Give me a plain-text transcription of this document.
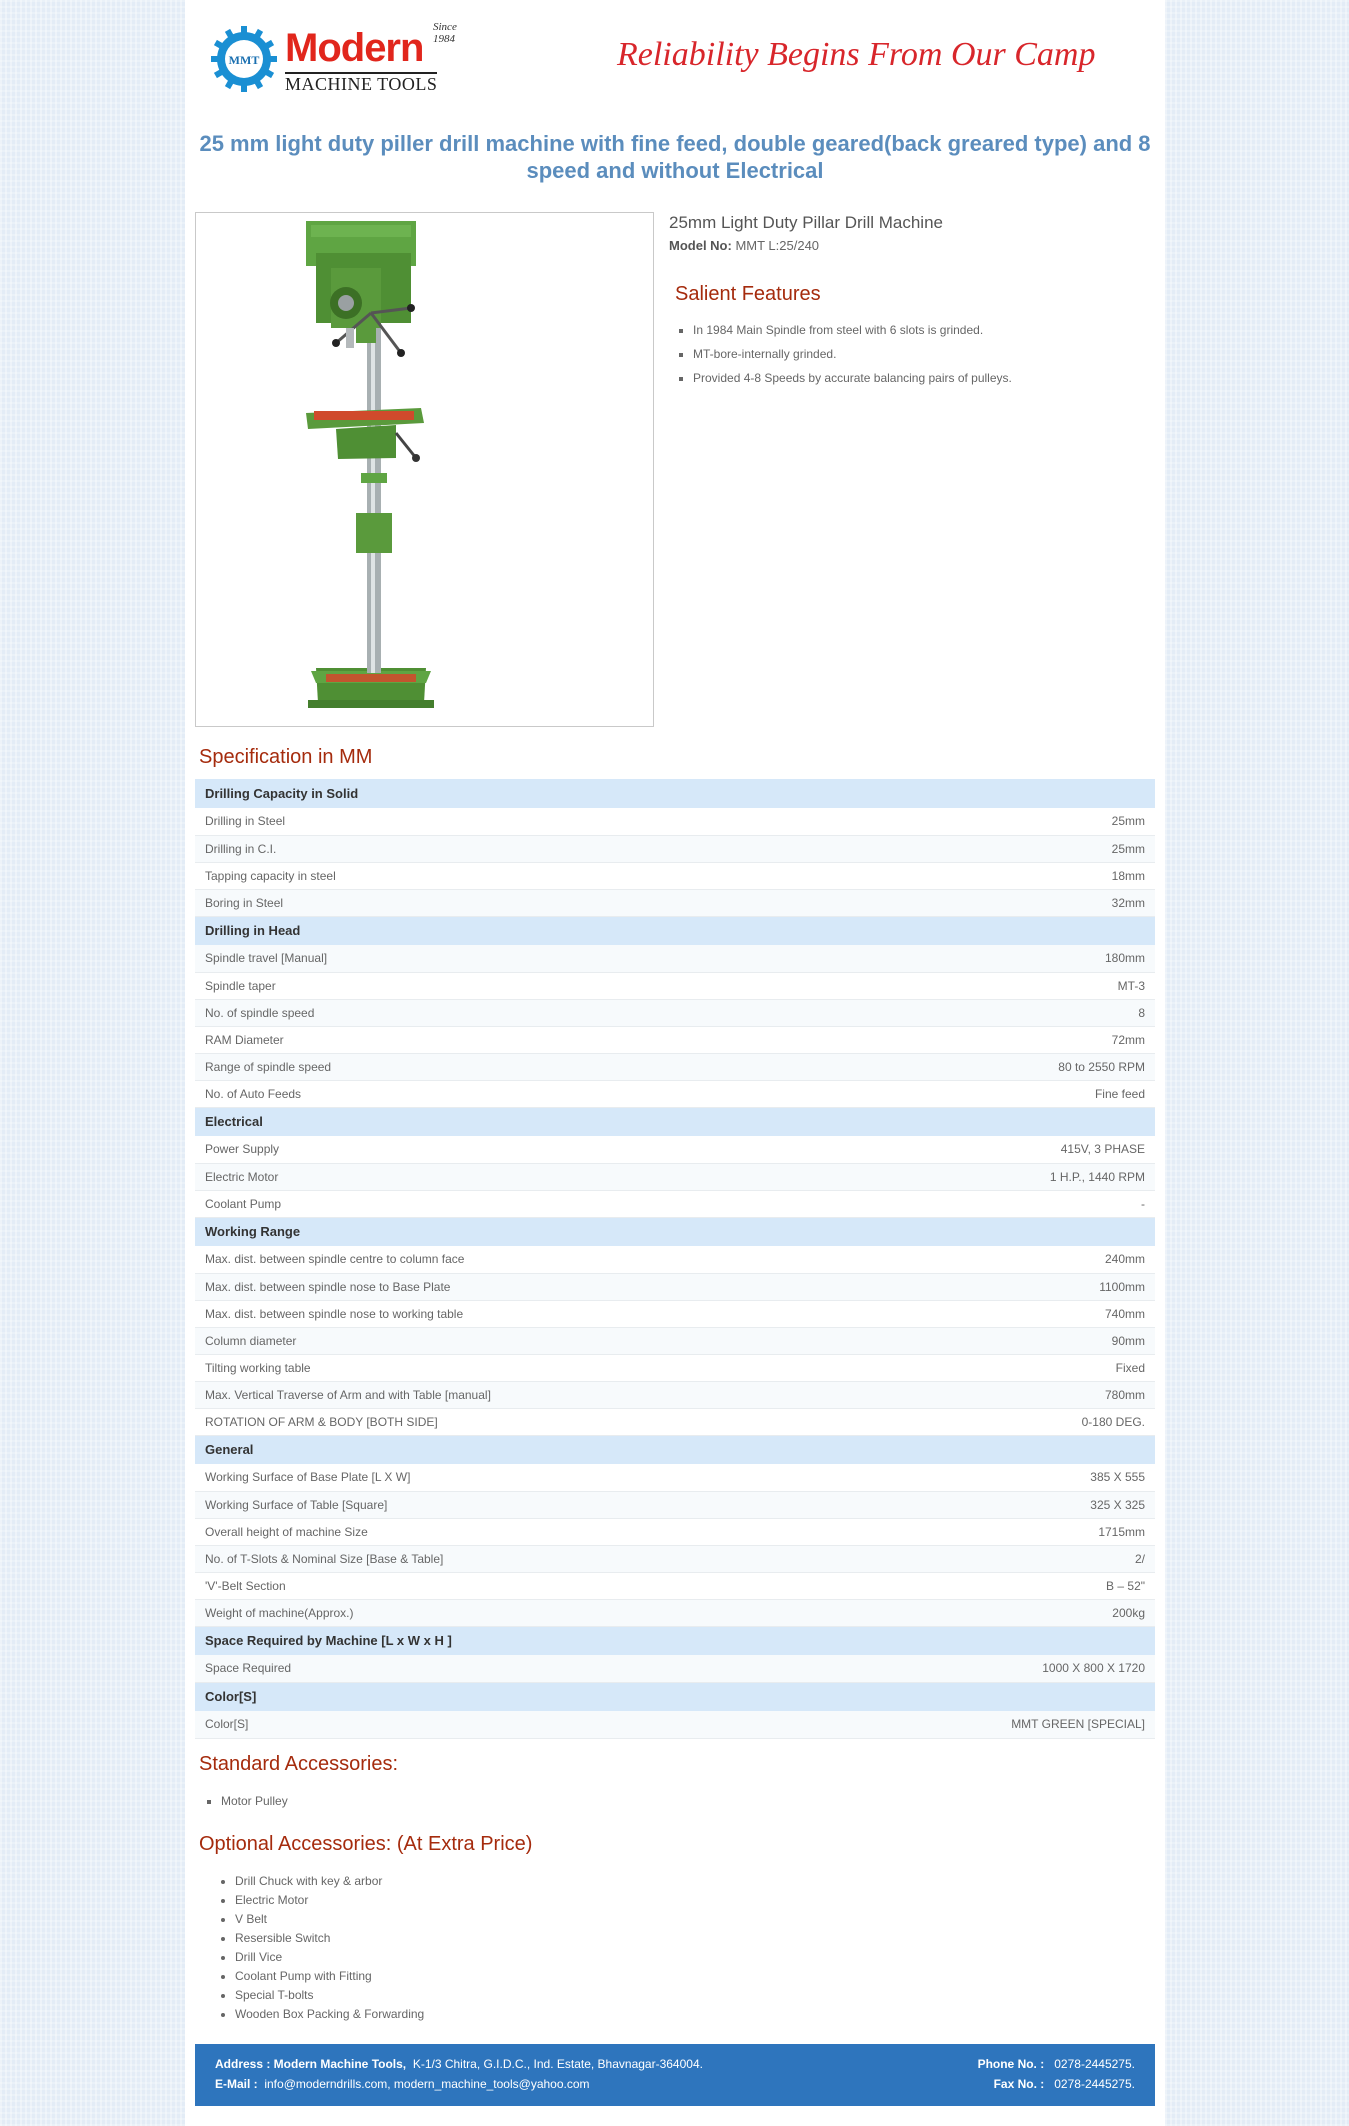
MMT
Since 1984
Modern
MACHINE TOOLS
Reliability Begins From Our Camp
25 mm light duty piller drill machine with fine feed, double geared(back greared type) and 8 speed and without Electrical

25mm Light Duty Pillar Drill Machine

Model No: MMT L:25/240
Salient Features
▪ In 1984 Main Spindle from steel with 6 slots is grinded.
▪ MT-bore-internally grinded.
▪ Provided 4-8 Speeds by accurate balancing pairs of pulleys.
Specification in MM
Drilling Capacity in Solid	
Drilling in Steel	25mm
Drilling in C.I.	25mm
Tapping capacity in steel	18mm
Boring in Steel	32mm
Drilling in Head	
Spindle travel [Manual]	180mm
Spindle taper	MT-3
No. of spindle speed	8
RAM Diameter	72mm
Range of spindle speed	80 to 2550 RPM
No. of Auto Feeds	Fine feed
Electrical	
Power Supply	415V, 3 PHASE
Electric Motor	1 H.P., 1440 RPM
Coolant Pump	-
Working Range	
Max. dist. between spindle centre to column face	240mm
Max. dist. between spindle nose to Base Plate	1100mm
Max. dist. between spindle nose to working table	740mm
Column diameter	90mm
Tilting working table	Fixed
Max. Vertical Traverse of Arm and with Table [manual]	780mm
ROTATION OF ARM & BODY [BOTH SIDE]	0-180 DEG.
General	
Working Surface of Base Plate [L X W]	385 X 555
Working Surface of Table [Square]	325 X 325
Overall height of machine Size	1715mm
No. of T-Slots & Nominal Size [Base & Table]	2/
'V'-Belt Section	B – 52"
Weight of machine(Approx.)	200kg
Space Required by Machine [L x W x H ]	
Space Required	1000 X 800 X 1720
Color[S]	
Color[S]	MMT GREEN [SPECIAL]
Standard Accessories:
▪ Motor Pulley
Optional Accessories: (At Extra Price)
• Drill Chuck with key & arbor
• Electric Motor
• V Belt
• Resersible Switch
• Drill Vice
• Coolant Pump with Fitting
• Special T-bolts
• Wooden Box Packing & Forwarding
Address : Modern Machine Tools, K-1/3 Chitra, G.I.D.C., Ind. Estate, Bhavnagar-364004.	Phone No. : 0278-2445275.
E-Mail : info@moderndrills.com, modern_machine_tools@yahoo.com	Fax No. : 0278-2445275.
